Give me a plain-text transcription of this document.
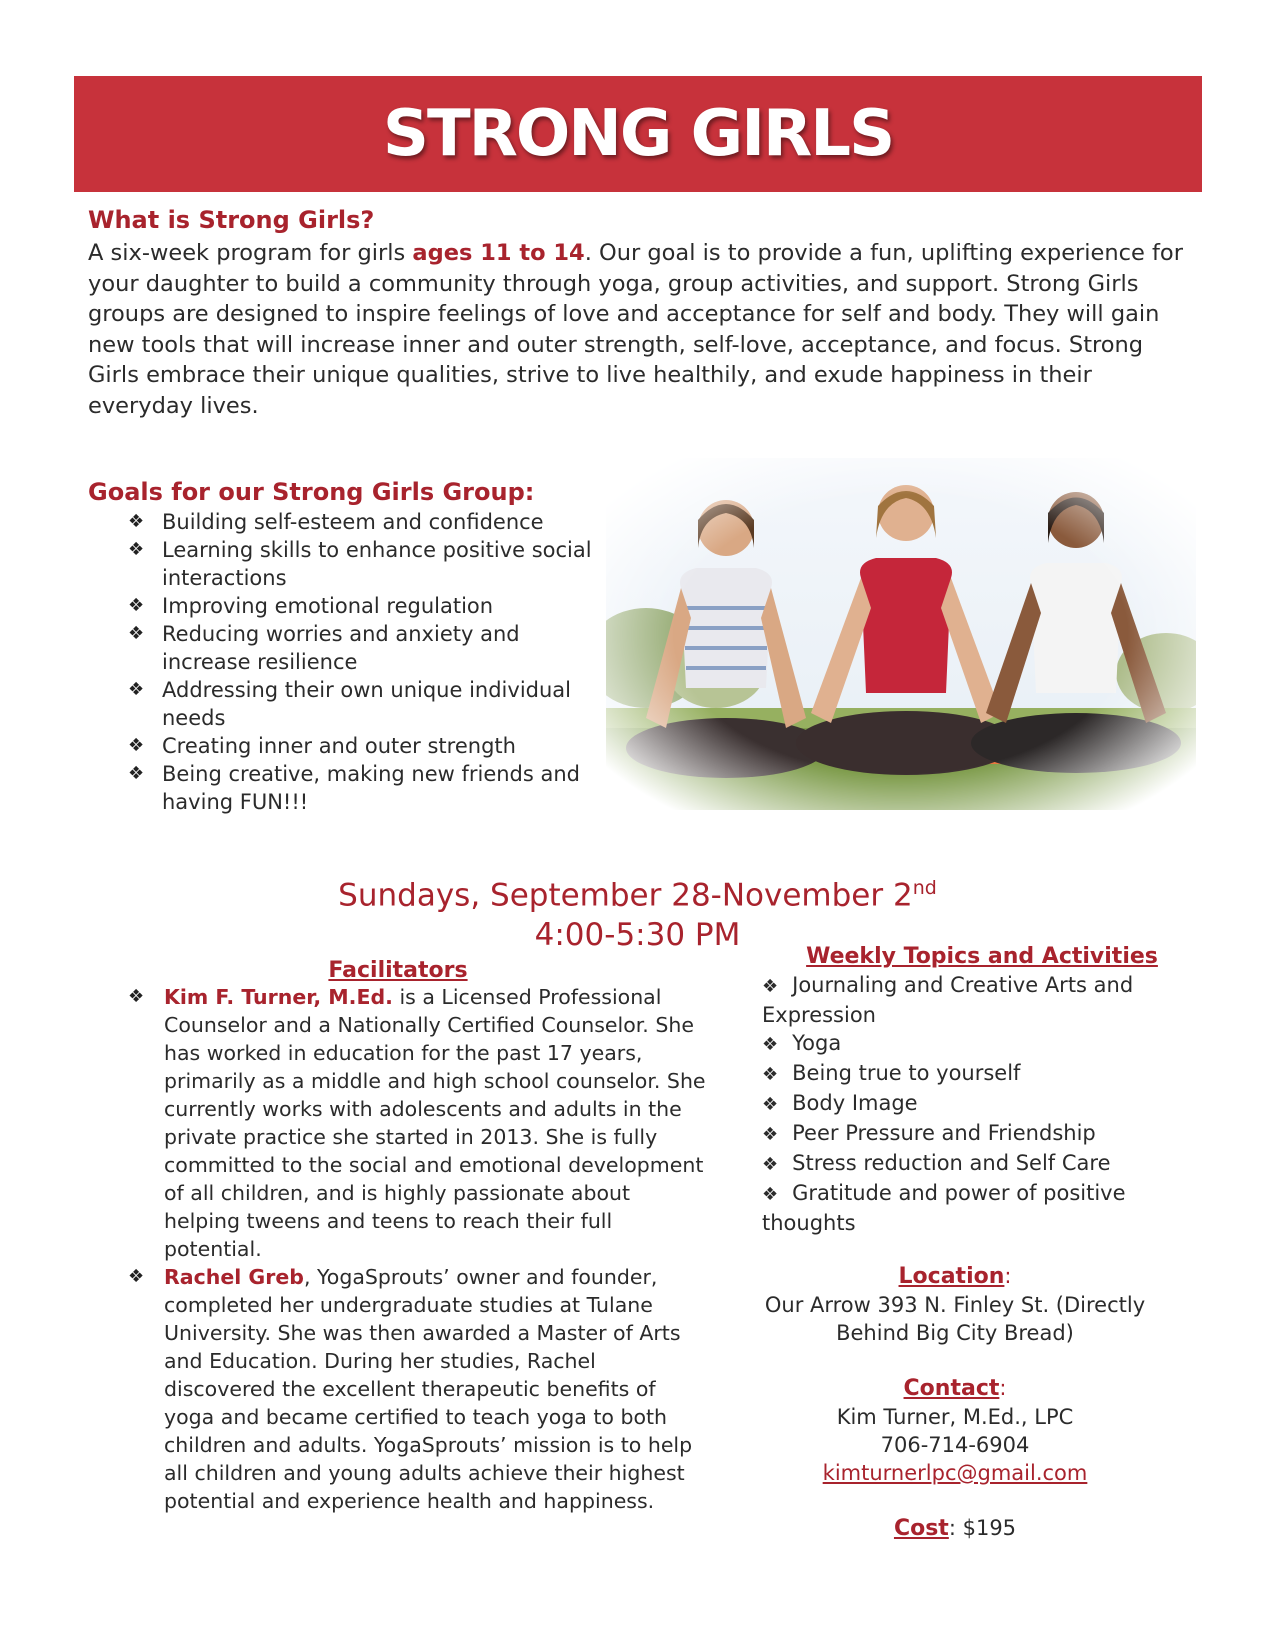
STRONG GIRLS
What is Strong Girls?

A six-week program for girls ages 11 to 14. Our goal is to provide a fun, uplifting experience for your daughter to build a community through yoga, group activities, and support. Strong Girls groups are designed to inspire feelings of love and acceptance for self and body. They will gain new tools that will increase inner and outer strength, self-love, acceptance, and focus. Strong Girls embrace their unique qualities, strive to live healthily, and exude happiness in their everyday lives.

Goals for our Strong Girls Group:
❖ Building self-esteem and confidence
❖ Learning skills to enhance positive social interactions
❖ Improving emotional regulation
❖ Reducing worries and anxiety and increase resilience
❖ Addressing their own unique individual needs
❖ Creating inner and outer strength
❖ Being creative, making new friends and having FUN!!!
Sundays, September 28-November 2nd
4:00-5:30 PM
Facilitators
❖ Kim F. Turner, M.Ed. is a Licensed Professional Counselor and a Nationally Certified Counselor. She has worked in education for the past 17 years, primarily as a middle and high school counselor. She currently works with adolescents and adults in the private practice she started in 2013. She is fully committed to the social and emotional development of all children, and is highly passionate about helping tweens and teens to reach their full potential.
❖ Rachel Greb, YogaSprouts’ owner and founder, completed her undergraduate studies at Tulane University. She was then awarded a Master of Arts and Education. During her studies, Rachel discovered the excellent therapeutic benefits of yoga and became certified to teach yoga to both children and adults. YogaSprouts’ mission is to help all children and young adults achieve their highest potential and experience health and happiness.
Weekly Topics and Activities
❖ Journaling and Creative Arts and Expression
❖ Yoga
❖ Being true to yourself
❖ Body Image
❖ Peer Pressure and Friendship
❖ Stress reduction and Self Care
❖ Gratitude and power of positive thoughts
Location:
Our Arrow 393 N. Finley St. (Directly
Behind Big City Bread)
Contact:
Kim Turner, M.Ed., LPC
706-714-6904
kimturnerlpc@gmail.com
Cost: $195
